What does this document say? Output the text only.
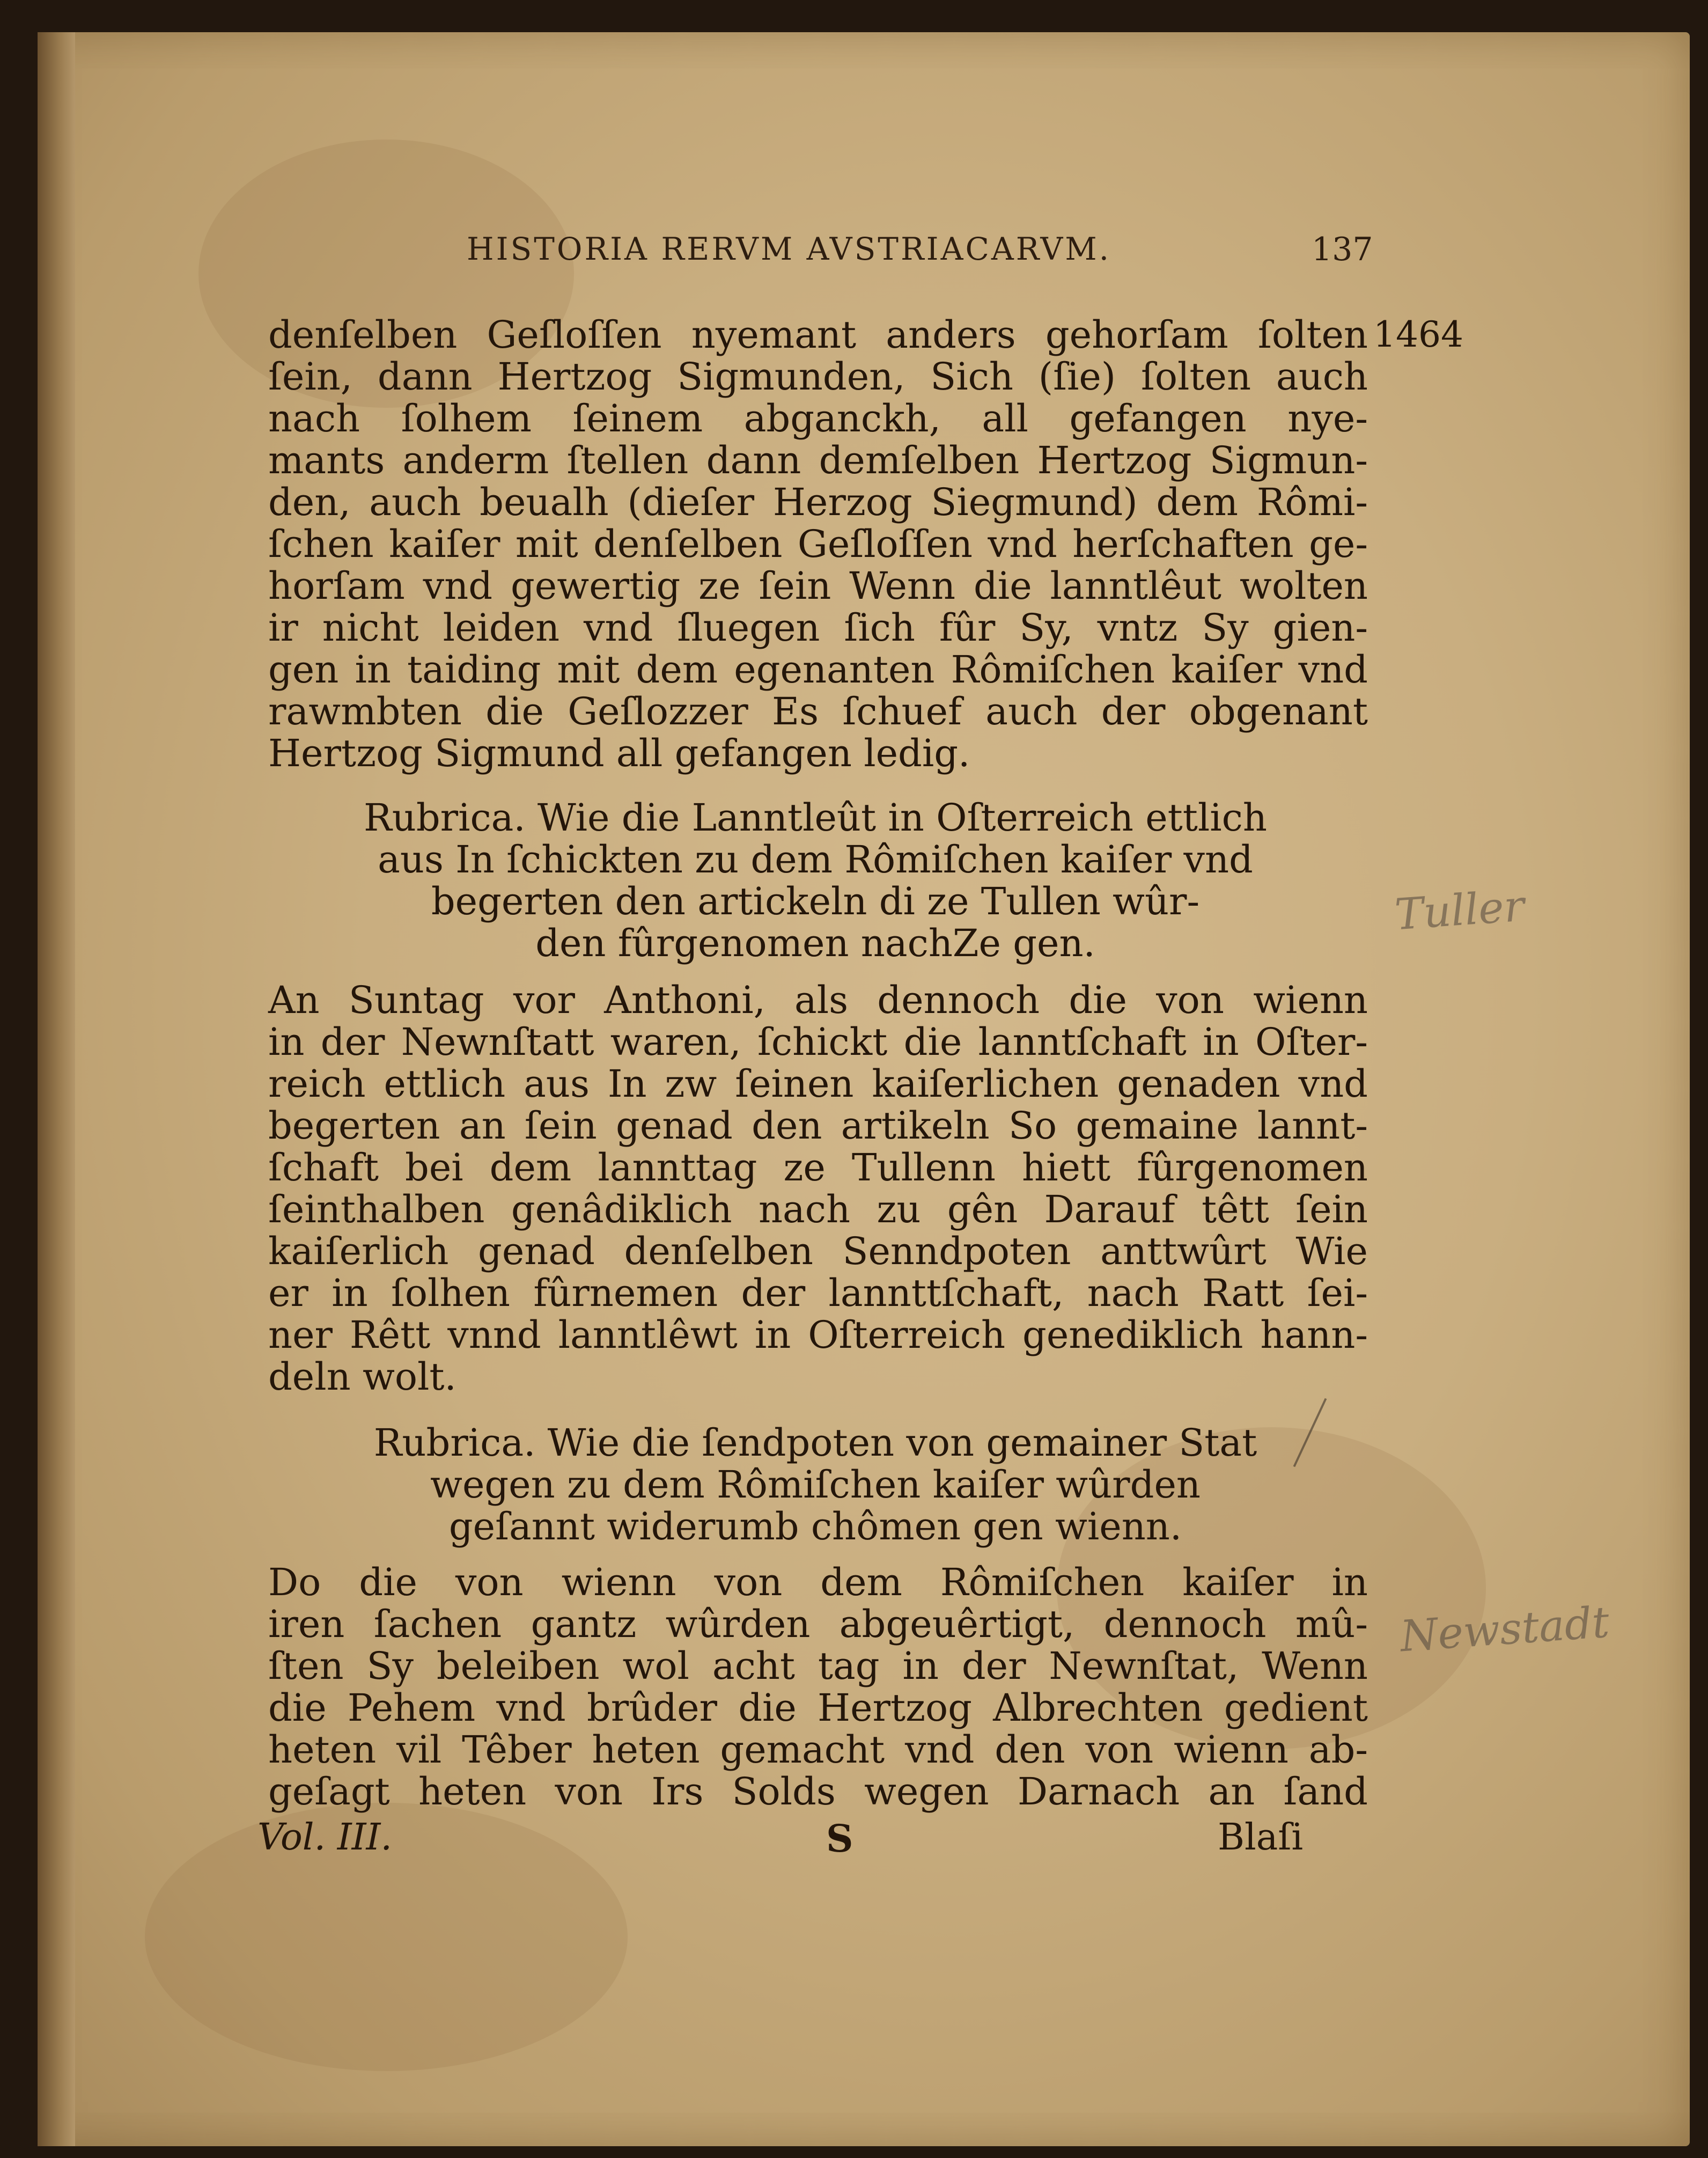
HISTORIA RERVM AVSTRIACARVM.	137
1464
denſelben Geſloſſen nyemant anders gehorſam ſolten
ſein, dann Hertzog Sigmunden, Sich (ſie) ſolten auch
nach ſolhem ſeinem abganckh, all gefangen nye-
mants anderm ſtellen dann demſelben Hertzog Sigmun-
den, auch beualh (dieſer Herzog Siegmund) dem Rômi-
ſchen kaiſer mit denſelben Geſloſſen vnd herſchaften ge-
horſam vnd gewertig ze ſein Wenn die lanntlêut wolten
ir nicht leiden vnd ſluegen ſich fûr Sy, vntz Sy gien-
gen in taiding mit dem egenanten Rômiſchen kaiſer vnd
rawmbten die Geſlozzer Es ſchuef auch der obgenant
Hertzog Sigmund all gefangen ledig.
Rubrica. Wie die Lanntleût in Oſterreich ettlich
aus In ſchickten zu dem Rômiſchen kaiſer vnd
begerten den artickeln di ze Tullen wûr-
den fûrgenomen nachZe gen.
Tuller
An Suntag vor Anthoni, als dennoch die von wienn
in der Newnſtatt waren, ſchickt die lanntſchaft in Oſter-
reich ettlich aus In zw ſeinen kaiſerlichen genaden vnd
begerten an ſein genad den artikeln So gemaine lannt-
ſchaft bei dem lannttag ze Tullenn hiett fûrgenomen
ſeinthalben genâdiklich nach zu gên Darauf têtt ſein
kaiſerlich genad denſelben Senndpoten anttwûrt Wie
er in ſolhen fûrnemen der lannttſchaft, nach Ratt ſei-
ner Rêtt vnnd lanntlêwt in Oſterreich genediklich hann-
deln wolt.
Rubrica. Wie die ſendpoten von gemainer Stat
wegen zu dem Rômiſchen kaiſer wûrden
geſannt widerumb chômen gen wienn.
Do die von wienn von dem Rômiſchen kaiſer in
iren ſachen gantz wûrden abgeuêrtigt, dennoch mû-
ſten Sy beleiben wol acht tag in der Newnſtat, Wenn
die Pehem vnd brûder die Hertzog Albrechten gedient
heten vil Têber heten gemacht vnd den von wienn ab-
geſagt heten von Irs Solds wegen Darnach an ſand
Newstadt
Vol. III.	S	Blaſi
